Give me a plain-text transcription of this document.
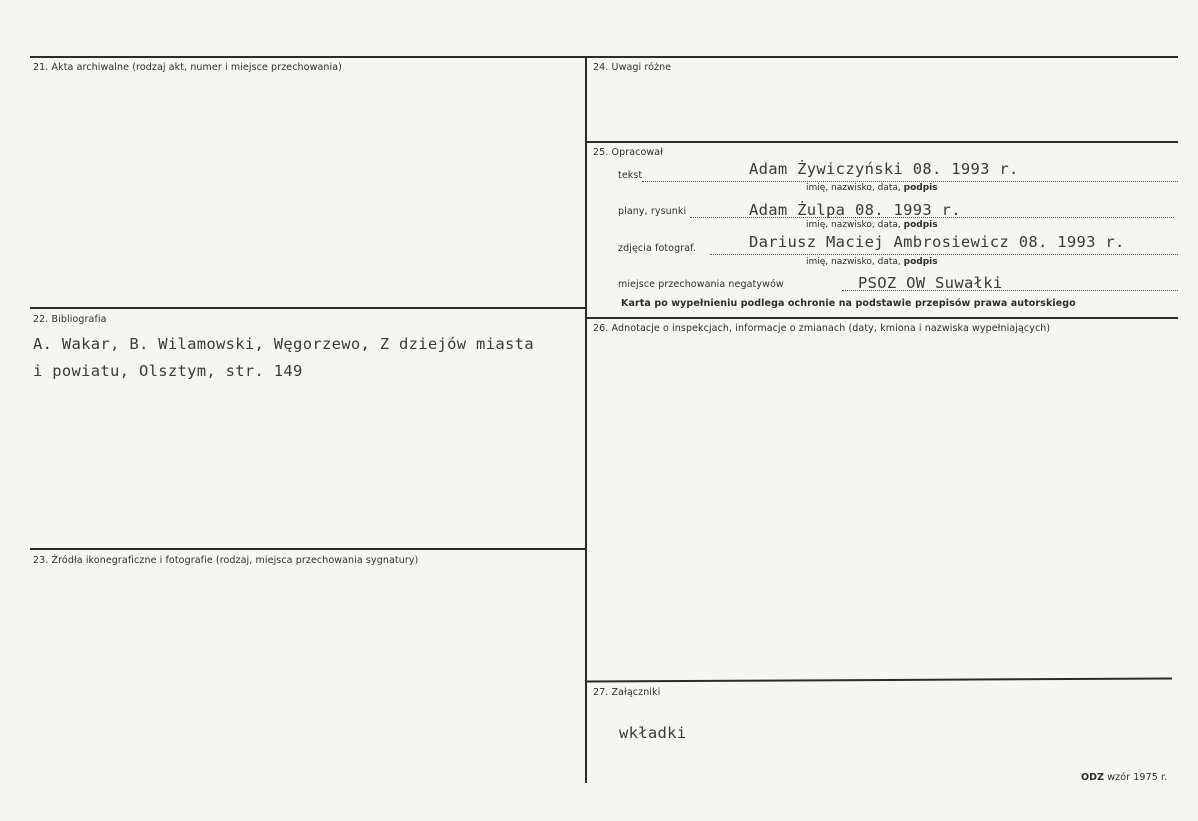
21. Akta archiwalne (rodzaj akt, numer i miejsce przechowania)
22. Bibliografia
A. Wakar, B. Wilamowski, Węgorzewo, Z dziejów miasta
i powiatu, Olsztym, str. 149
23. Źródła ikonegraficzne i fotografie (rodzaj, miejsca przechowania sygnatury)
24. Uwagi różne
25. Opracował
tekst	Adam Żywiczyński 08. 1993 r.
imię, nazwisko, data, podpis
plany, rysunki	Adam Żulpa 08. 1993 r.
imię, nazwisko, data, podpis
zdjęcia fotograf.	Dariusz Maciej Ambrosiewicz 08. 1993 r.
imię, nazwisko, data, podpis
miejsce przechowania negatywów	PSOZ OW Suwałki
Karta po wypełnieniu podlega ochronie na podstawie przepisów prawa autorskiego
26. Adnotacje o inspekcjach, informacje o zmianach (daty, kmiona i nazwiska wypełniających)
27. Załączniki
wkładki
ODZ wzór 1975 r.
